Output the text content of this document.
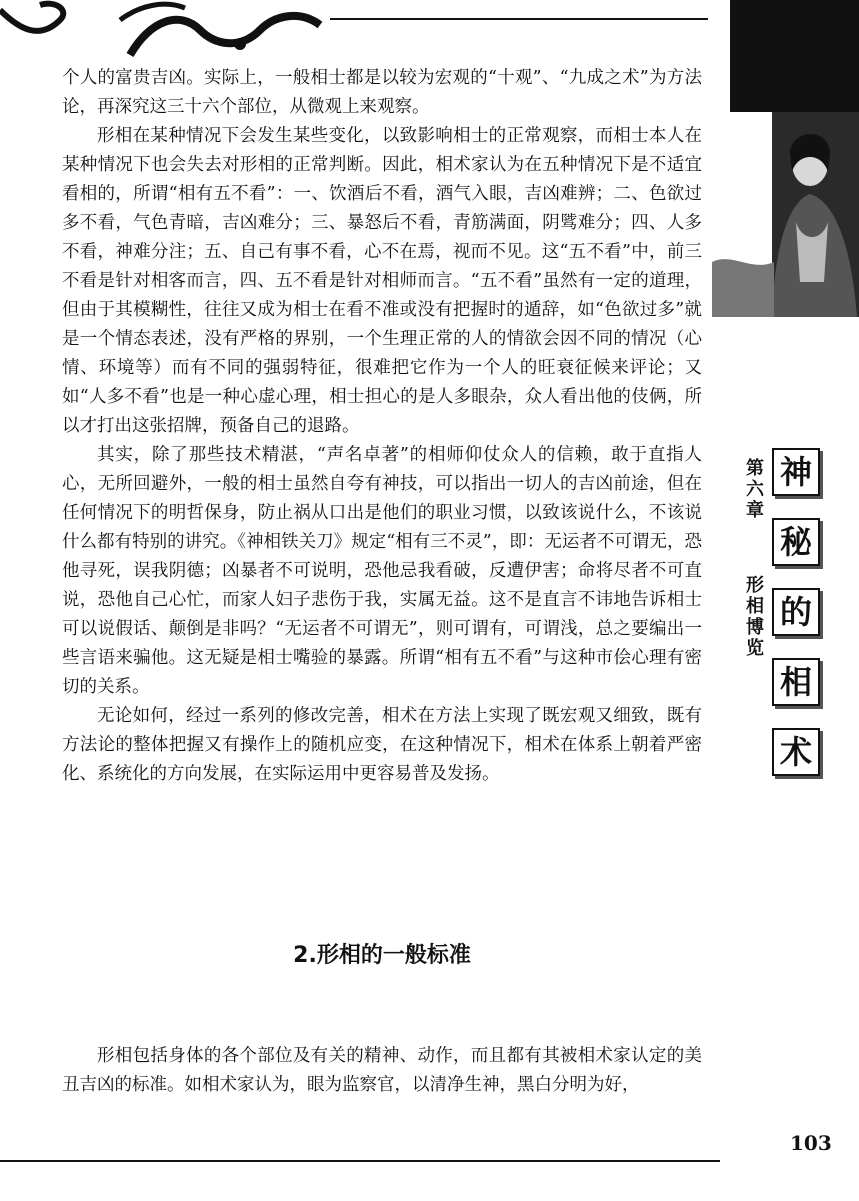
个人的富贵吉凶。实际上，一般相士都是以较为宏观的“十观”、“九成之术”为方法论，再深究这三十六个部位，从微观上来观察。

形相在某种情况下会发生某些变化，以致影响相士的正常观察，而相士本人在某种情况下也会失去对形相的正常判断。因此，相术家认为在五种情况下是不适宜看相的，所谓“相有五不看”：一、饮酒后不看，酒气入眼，吉凶难辨；二、色欲过多不看，气色青暗，吉凶难分；三、暴怒后不看，青筋满面，阴骘难分；四、人多不看，神难分注；五、自己有事不看，心不在焉，视而不见。这“五不看”中，前三不看是针对相客而言，四、五不看是针对相师而言。“五不看”虽然有一定的道理，但由于其模糊性，往往又成为相士在看不准或没有把握时的遁辞，如“色欲过多”就是一个情态表述，没有严格的界别，一个生理正常的人的情欲会因不同的情况（心情、环境等）而有不同的强弱特征，很难把它作为一个人的旺衰征候来评论；又如“人多不看”也是一种心虚心理，相士担心的是人多眼杂，众人看出他的伎俩，所以才打出这张招牌，预备自己的退路。

其实，除了那些技术精湛，“声名卓著”的相师仰仗众人的信赖，敢于直指人心，无所回避外，一般的相士虽然自夸有神技，可以指出一切人的吉凶前途，但在任何情况下的明哲保身，防止祸从口出是他们的职业习惯，以致该说什么，不该说什么都有特别的讲究。《神相铁关刀》规定“相有三不灵”，即：无运者不可谓无，恐他寻死，误我阴德；凶暴者不可说明，恐他忌我看破，反遭伊害；命将尽者不可直说，恐他自己心忙，而家人妇子悲伤于我，实属无益。这不是直言不讳地告诉相士可以说假话、颠倒是非吗？“无运者不可谓无”，则可谓有，可谓浅，总之要编出一些言语来骗他。这无疑是相士嘴验的暴露。所谓“相有五不看”与这种市侩心理有密切的关系。

无论如何，经过一系列的修改完善，相术在方法上实现了既宏观又细致，既有方法论的整体把握又有操作上的随机应变，在这种情况下，相术在体系上朝着严密化、系统化的方向发展，在实际运用中更容易普及发扬。

2.形相的一般标准

形相包括身体的各个部位及有关的精神、动作，而且都有其被相术家认定的美丑吉凶的标准。如相术家认为，眼为监察官，以清净生神，黑白分明为好，

第
六
章
形
相
博
览
神
秘
的
相
术
103
